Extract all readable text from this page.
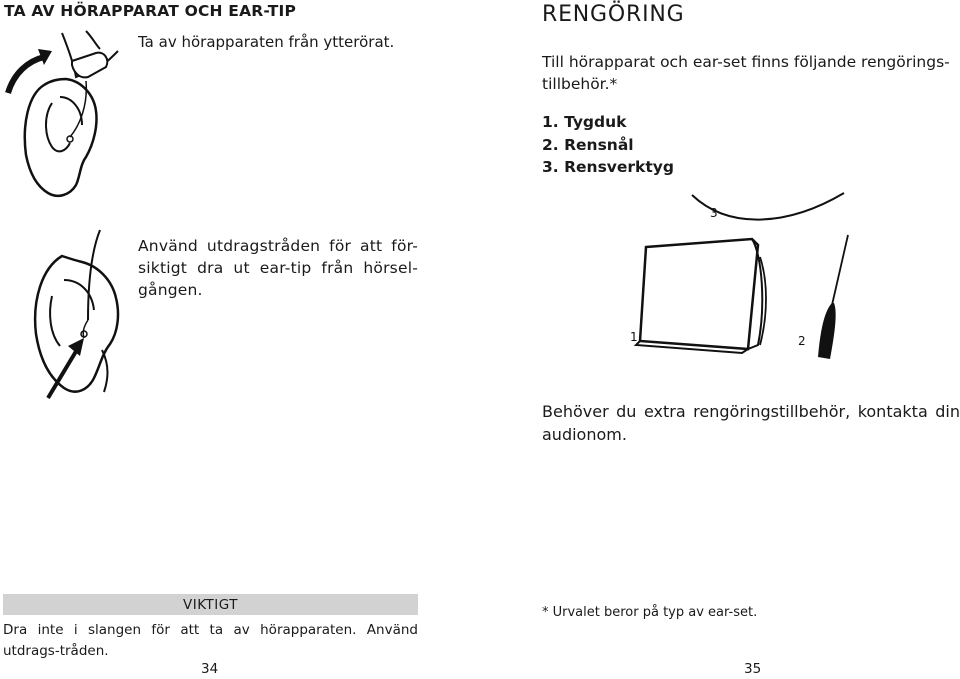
TA AV HÖRAPPARAT OCH EAR-TIP
Ta av hörapparaten från ytterörat.
Använd utdragstråden för att för-siktigt dra ut ear-tip från hörsel-gången.
VIKTIGT
Dra inte i slangen för att ta av hörapparaten. Använd utdrags-tråden.
34
RENGÖRING
Till hörapparat och ear-set finns följande rengörings-tillbehör.*
1. Tygduk
2. Rensnål
3. Rensverktyg
3
1	2
Behöver du extra rengöringstillbehör, kontakta din audionom.
* Urvalet beror på typ av ear-set.
35
